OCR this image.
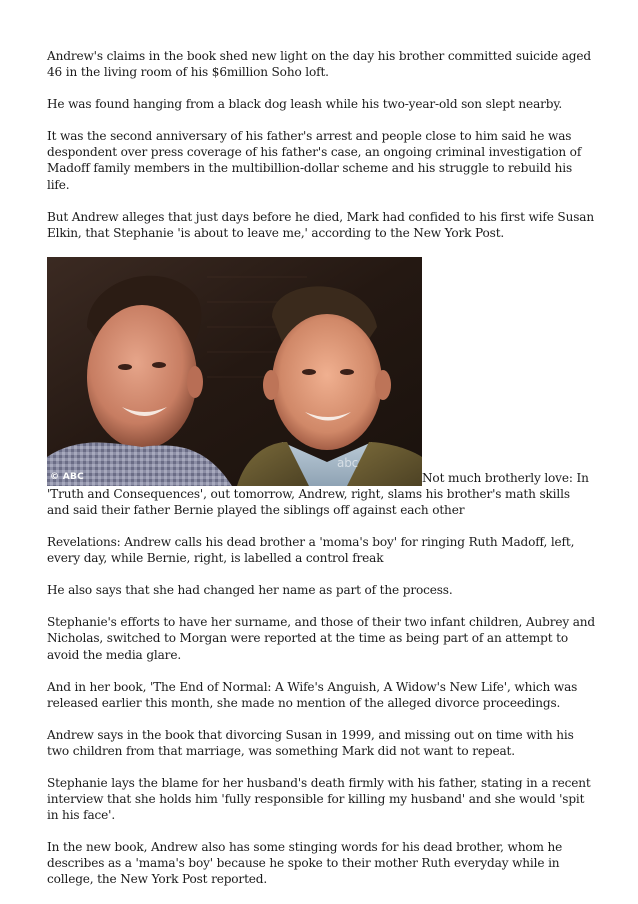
Andrew's claims in the book shed new light on the day his brother committed suicide aged 46 in the living room of his $6million Soho loft.

He was found hanging from a black dog leash while his two-year-old son slept nearby.

It was the second anniversary of his father's arrest and people close to him said he was despondent over press coverage of his father's case, an ongoing criminal investigation of Madoff family members in the multibillion-dollar scheme and his struggle to rebuild his life.

But Andrew alleges that just days before he died, Mark had confided to his first wife Susan Elkin, that Stephanie 'is about to leave me,' according to the New York Post.

© ABC
abc
Not much brotherly love: In 'Truth and Consequences', out tomorrow, Andrew, right, slams his brother's math skills and said their father Bernie played the siblings off against each other

Revelations: Andrew calls his dead brother a 'moma's boy' for ringing Ruth Madoff, left, every day, while Bernie, right, is labelled a control freak

He also says that she had changed her name as part of the process.

Stephanie's efforts to have her surname, and those of their two infant children, Aubrey and Nicholas, switched to Morgan were reported at the time as being part of an attempt to avoid the media glare.

And in her book, 'The End of Normal: A Wife's Anguish, A Widow's New Life', which was released earlier this month, she made no mention of the alleged divorce proceedings.

Andrew says in the book that divorcing Susan in 1999, and missing out on time with his two children from that marriage, was something Mark did not want to repeat.

Stephanie lays the blame for her husband's death firmly with his father, stating in a recent interview that she holds him 'fully responsible for killing my husband' and she would 'spit in his face'.

In the new book, Andrew also has some stinging words for his dead brother, whom he describes as a 'mama's boy' because he spoke to their mother Ruth everyday while in college, the New York Post reported.
